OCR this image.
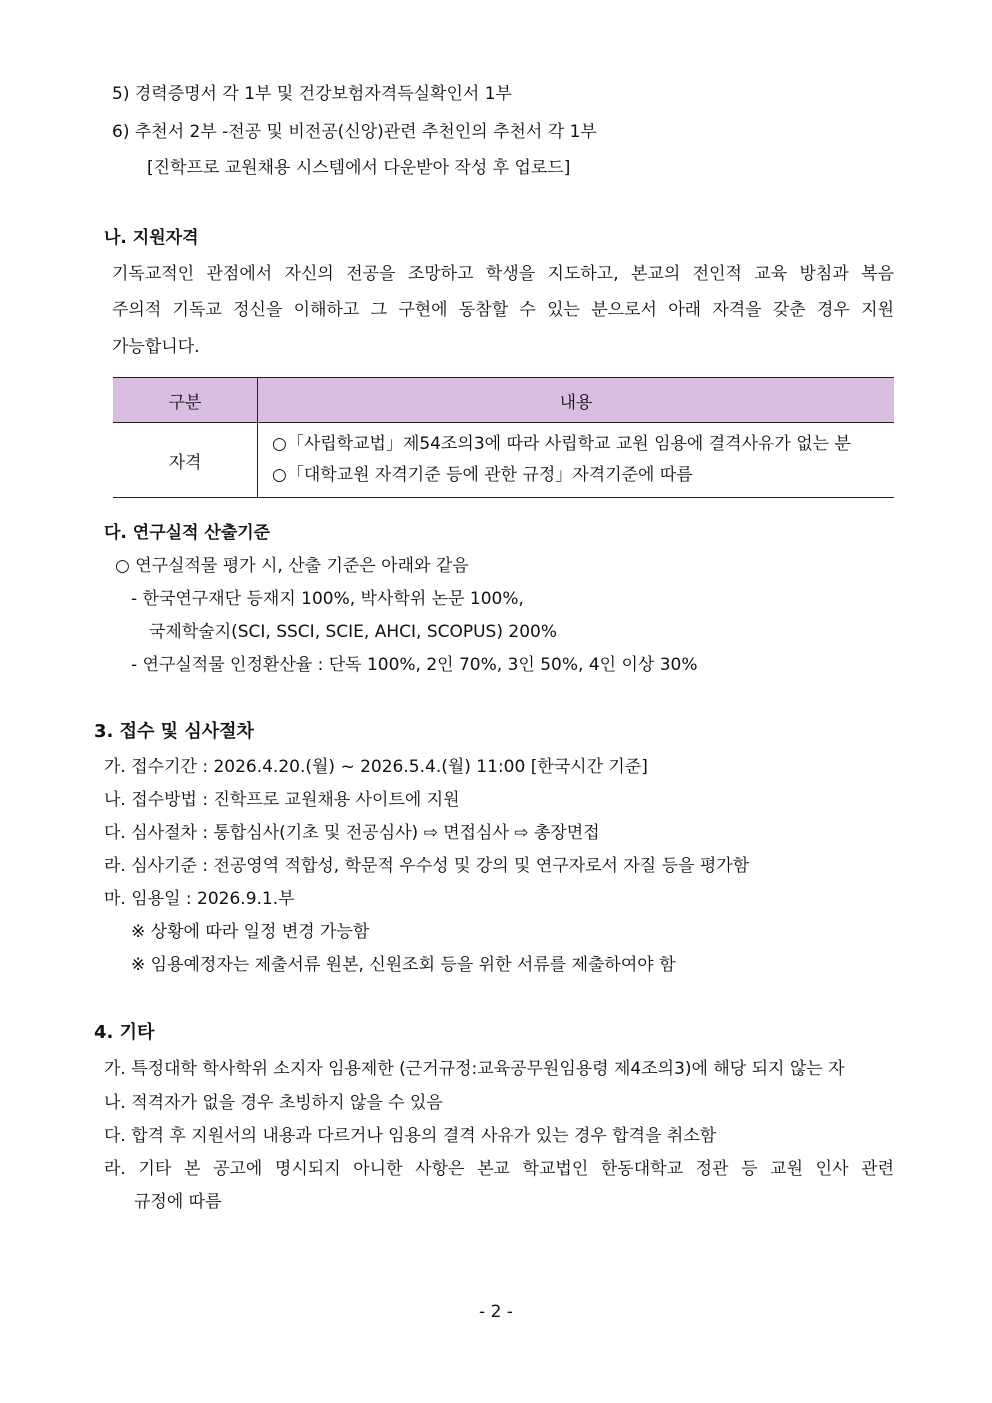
5) 경력증명서 각 1부 및 건강보험자격득실확인서 1부
6) 추천서 2부 -전공 및 비전공(신앙)관련 추천인의 추천서 각 1부
[진학프로 교원채용 시스템에서 다운받아 작성 후 업로드]
나. 지원자격
기독교적인 관점에서 자신의 전공을 조망하고 학생을 지도하고, 본교의 전인적 교육 방침과 복음
주의적 기독교 정신을 이해하고 그 구현에 동참할 수 있는 분으로서 아래 자격을 갖춘 경우 지원
가능합니다.
구분	내용
자격	○「사립학교법」제54조의3에 따라 사립학교 교원 임용에 결격사유가 없는 분
○「대학교원 자격기준 등에 관한 규정」자격기준에 따름
다. 연구실적 산출기준
○ 연구실적물 평가 시, 산출 기준은 아래와 같음
- 한국연구재단 등재지 100%, 박사학위 논문 100%,
국제학술지(SCI, SSCI, SCIE, AHCI, SCOPUS) 200%
- 연구실적물 인정환산율 : 단독 100%, 2인 70%, 3인 50%, 4인 이상 30%
3. 접수 및 심사절차
가. 접수기간 : 2026.4.20.(월) ~ 2026.5.4.(월) 11:00 [한국시간 기준]
나. 접수방법 : 진학프로 교원채용 사이트에 지원
다. 심사절차 : 통합심사(기초 및 전공심사) ⇨ 면접심사 ⇨ 총장면접
라. 심사기준 : 전공영역 적합성, 학문적 우수성 및 강의 및 연구자로서 자질 등을 평가함
마. 임용일 : 2026.9.1.부
※ 상황에 따라 일정 변경 가능함
※ 임용예정자는 제출서류 원본, 신원조회 등을 위한 서류를 제출하여야 함
4. 기타
가. 특정대학 학사학위 소지자 임용제한 (근거규정:교육공무원임용령 제4조의3)에 해당 되지 않는 자
나. 적격자가 없을 경우 초빙하지 않을 수 있음
다. 합격 후 지원서의 내용과 다르거나 임용의 결격 사유가 있는 경우 합격을 취소함
라. 기타 본 공고에 명시되지 아니한 사항은 본교 학교법인 한동대학교 정관 등 교원 인사 관련
규정에 따름
- 2 -
